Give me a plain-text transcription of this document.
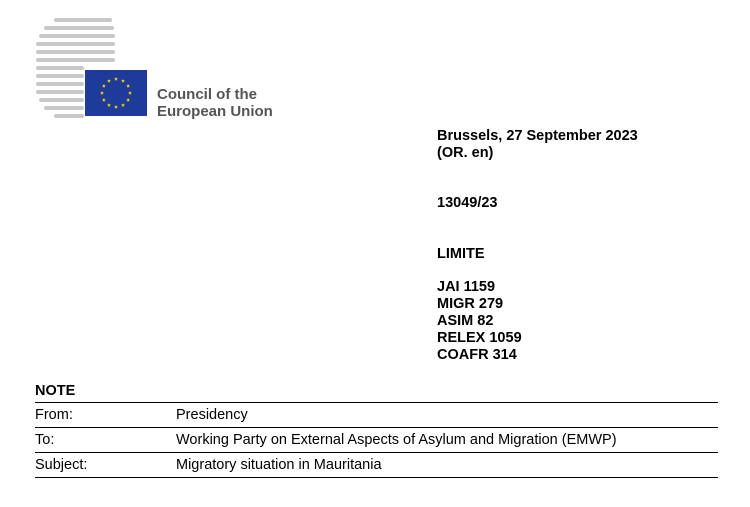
Council of the
European Union
Brussels, 27 September 2023
(OR. en)
13049/23
LIMITE
JAI 1159
MIGR 279
ASIM 82
RELEX 1059
COAFR 314
NOTE
From:	Presidency
To:	Working Party on External Aspects of Asylum and Migration (EMWP)
Subject:	Migratory situation in Mauritania
